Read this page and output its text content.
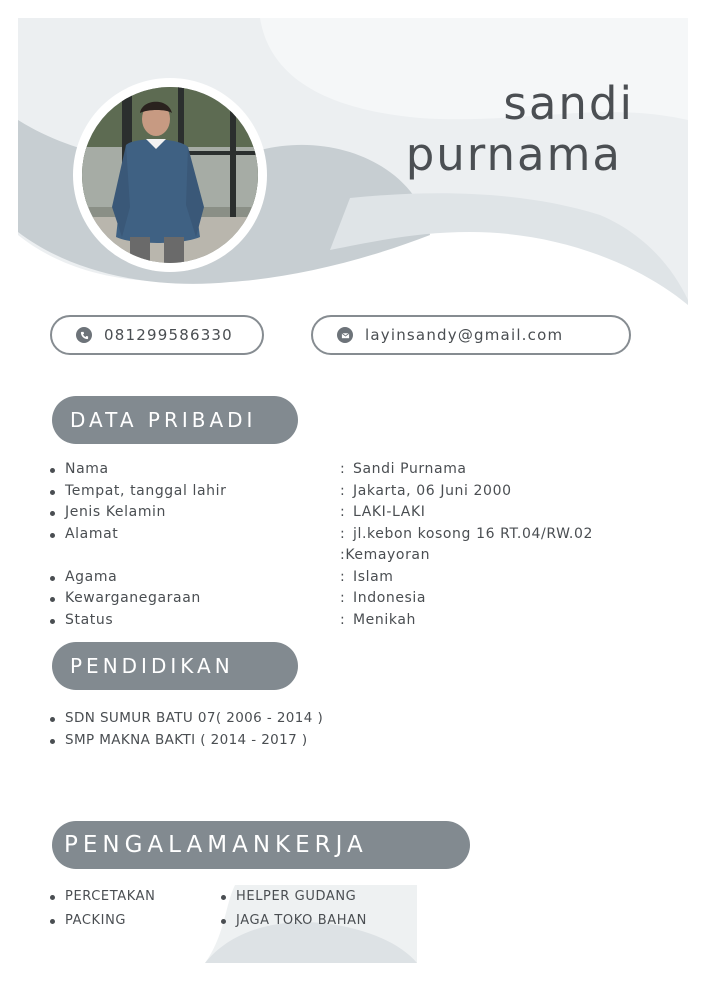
sandi
purnama
081299586330	layinsandy@gmail.com
DATA PRIBADI
Nama	: Sandi Purnama
Tempat, tanggal lahir	: Jakarta, 06 Juni 2000
Jenis Kelamin	: LAKI-LAKI
Alamat	: jl.kebon kosong 16 RT.04/RW.02
:Kemayoran
Agama	: Islam
Kewarganegaraan	: Indonesia
Status	: Menikah
PENDIDIKAN
SDN SUMUR BATU 07( 2006 - 2014 )
SMP MAKNA BAKTI ( 2014 - 2017 )
PENGALAMANKERJA
PERCETAKAN
PACKING
HELPER GUDANG
JAGA TOKO BAHAN
